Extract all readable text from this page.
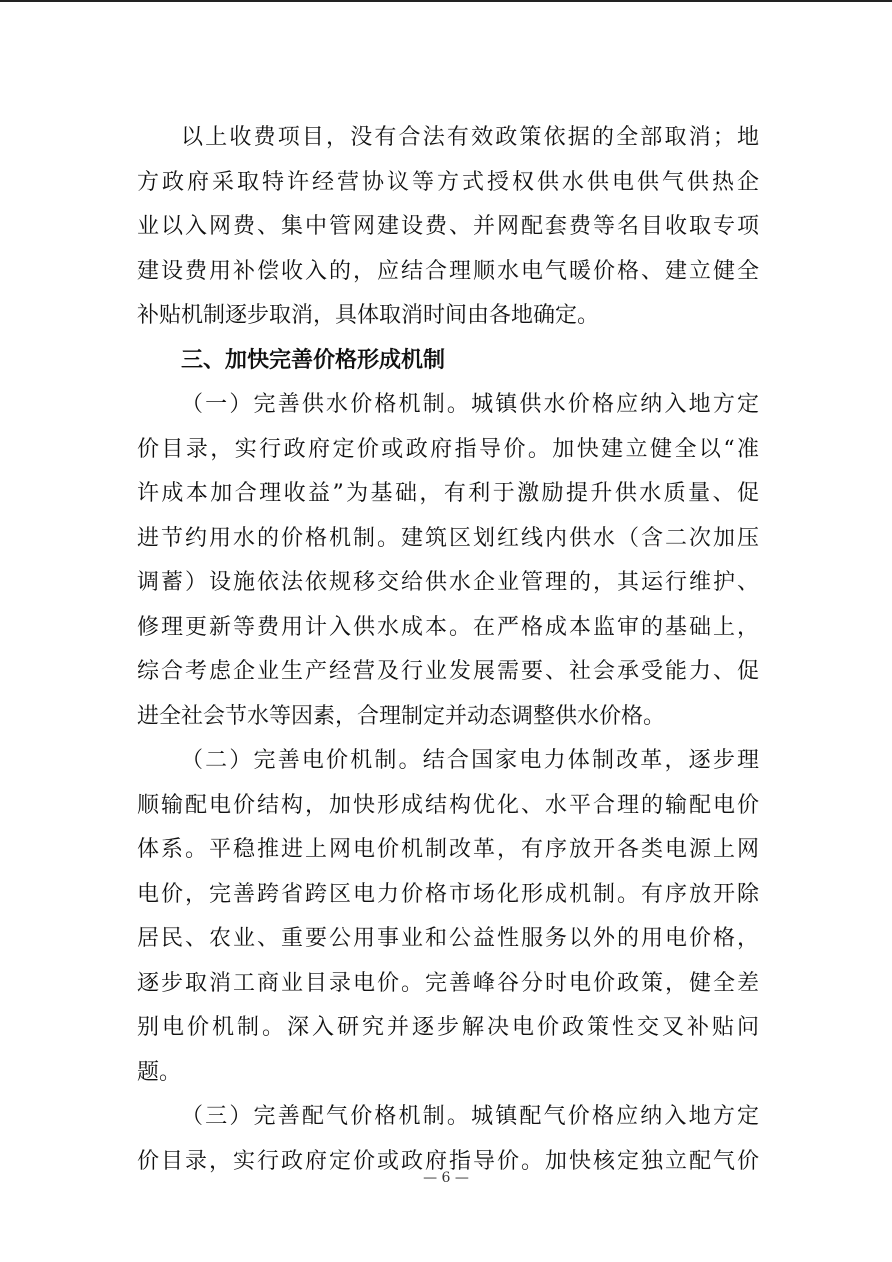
以上收费项目，没有合法有效政策依据的全部取消；地
方政府采取特许经营协议等方式授权供水供电供气供热企
业以入网费、集中管网建设费、并网配套费等名目收取专项
建设费用补偿收入的，应结合理顺水电气暖价格、建立健全
补贴机制逐步取消，具体取消时间由各地确定。
三、加快完善价格形成机制
（一）完善供水价格机制。城镇供水价格应纳入地方定
价目录，实行政府定价或政府指导价。加快建立健全以“准
许成本加合理收益”为基础，有利于激励提升供水质量、促
进节约用水的价格机制。建筑区划红线内供水（含二次加压
调蓄）设施依法依规移交给供水企业管理的，其运行维护、
修理更新等费用计入供水成本。在严格成本监审的基础上，
综合考虑企业生产经营及行业发展需要、社会承受能力、促
进全社会节水等因素，合理制定并动态调整供水价格。
（二）完善电价机制。结合国家电力体制改革，逐步理
顺输配电价结构，加快形成结构优化、水平合理的输配电价
体系。平稳推进上网电价机制改革，有序放开各类电源上网
电价，完善跨省跨区电力价格市场化形成机制。有序放开除
居民、农业、重要公用事业和公益性服务以外的用电价格，
逐步取消工商业目录电价。完善峰谷分时电价政策，健全差
别电价机制。深入研究并逐步解决电价政策性交叉补贴问
题。
（三）完善配气价格机制。城镇配气价格应纳入地方定
价目录，实行政府定价或政府指导价。加快核定独立配气价
— 6 —
